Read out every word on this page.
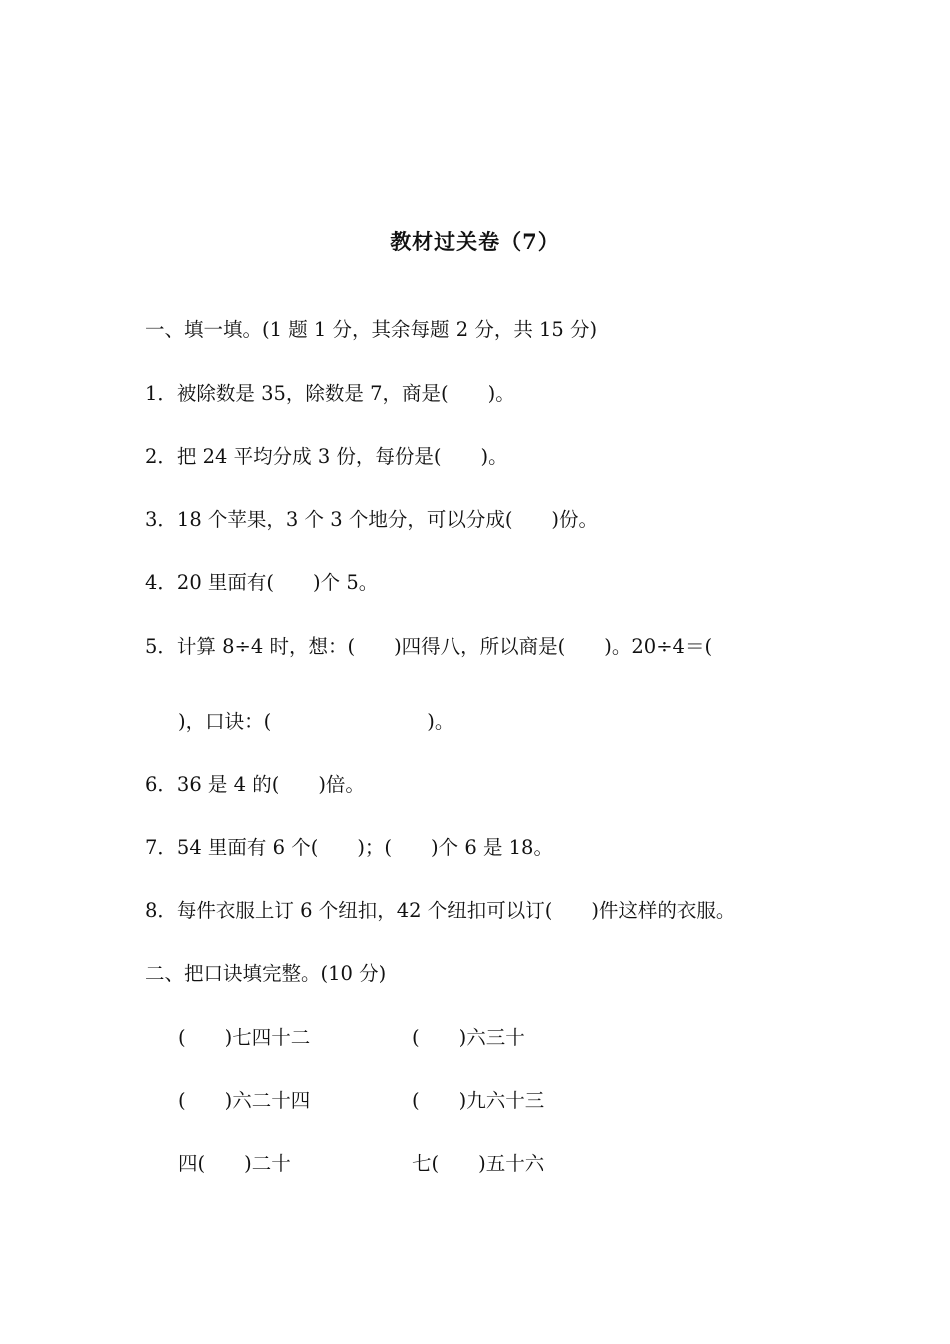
教材过关卷（7）
一、填一填。(1 题 1 分，其余每题 2 分，共 15 分)
1．被除数是 35，除数是 7，商是(　　)。
2．把 24 平均分成 3 份，每份是(　　)。
3．18 个苹果，3 个 3 个地分，可以分成(　　)份。
4．20 里面有(　　)个 5。
5．计算 8÷4 时，想：(　　)四得八，所以商是(　　)。20÷4＝(
)，口诀：(　　　　　　　　)。
6．36 是 4 的(　　)倍。
7．54 里面有 6 个(　　)；(　　)个 6 是 18。
8．每件衣服上订 6 个纽扣，42 个纽扣可以订(　　)件这样的衣服。
二、把口诀填完整。(10 分)
(　　)七四十二	(　　)六三十
(　　)六二十四	(　　)九六十三
四(　　)二十	七(　　)五十六
